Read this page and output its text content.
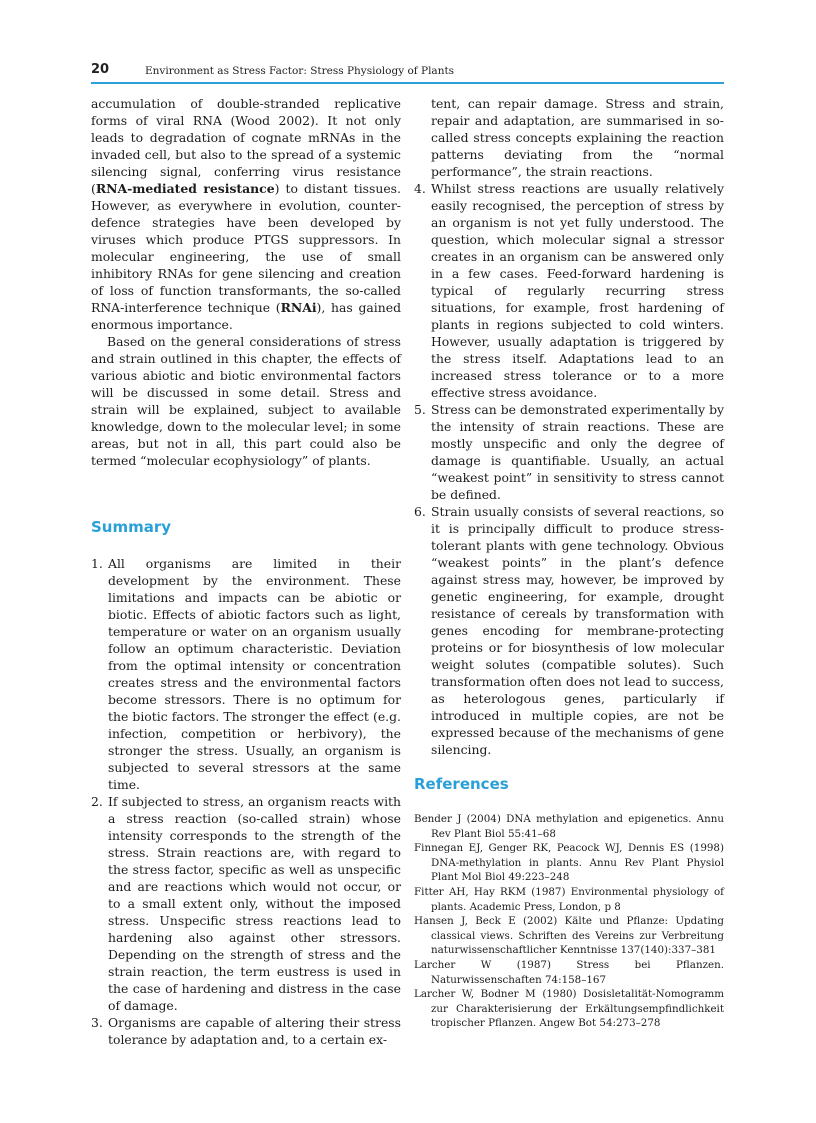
20	Environment as Stress Factor: Stress Physiology of Plants

accumulation of double-stranded replicative forms of viral RNA (Wood 2002). It not only leads to degradation of cognate mRNAs in the invaded cell, but also to the spread of a systemic silencing signal, conferring virus resistance (RNA-mediated resistance) to distant tissues. However, as everywhere in evolution, counter-defence strategies have been developed by viruses which produce PTGS suppressors. In molecular engineering, the use of small inhibitory RNAs for gene silencing and creation of loss of function transformants, the so-called RNA-interference technique (RNAi), has gained enormous importance.

Based on the general considerations of stress and strain outlined in this chapter, the effects of various abiotic and biotic environmental factors will be discussed in some detail. Stress and strain will be explained, subject to available knowledge, down to the molecular level; in some areas, but not in all, this part could also be termed “molecular ecophysiology” of plants.

Summary
1. All organisms are limited in their development by the environment. These limitations and impacts can be abiotic or biotic. Effects of abiotic factors such as light, temperature or water on an organism usually follow an optimum characteristic. Deviation from the optimal intensity or concentration creates stress and the environmental factors become stressors. There is no optimum for the biotic factors. The stronger the effect (e.g. infection, competition or herbivory), the stronger the stress. Usually, an organism is subjected to several stressors at the same time.
2. If subjected to stress, an organism reacts with a stress reaction (so-called strain) whose intensity corresponds to the strength of the stress. Strain reactions are, with regard to the stress factor, specific as well as unspecific and are reactions which would not occur, or to a small extent only, without the imposed stress. Unspecific stress reactions lead to hardening also against other stressors. Depending on the strength of stress and the strain reaction, the term eustress is used in the case of hardening and distress in the case of damage.
3. Organisms are capable of altering their stress tolerance by adaptation and, to a certain ex-
tent, can repair damage. Stress and strain, repair and adaptation, are summarised in so-called stress concepts explaining the reaction patterns deviating from the “normal performance”, the strain reactions.
4. Whilst stress reactions are usually relatively easily recognised, the perception of stress by an organism is not yet fully understood. The question, which molecular signal a stressor creates in an organism can be answered only in a few cases. Feed-forward hardening is typical of regularly recurring stress situations, for example, frost hardening of plants in regions subjected to cold winters. However, usually adaptation is triggered by the stress itself. Adaptations lead to an increased stress tolerance or to a more effective stress avoidance.
5. Stress can be demonstrated experimentally by the intensity of strain reactions. These are mostly unspecific and only the degree of damage is quantifiable. Usually, an actual “weakest point” in sensitivity to stress cannot be defined.
6. Strain usually consists of several reactions, so it is principally difficult to produce stress-tolerant plants with gene technology. Obvious “weakest points” in the plant’s defence against stress may, however, be improved by genetic engineering, for example, drought resistance of cereals by transformation with genes encoding for membrane-protecting proteins or for biosynthesis of low molecular weight solutes (compatible solutes). Such transformation often does not lead to success, as heterologous genes, particularly if introduced in multiple copies, are not be expressed because of the mechanisms of gene silencing.
References

Bender J (2004) DNA methylation and epigenetics. Annu Rev Plant Biol 55:41–68

Finnegan EJ, Genger RK, Peacock WJ, Dennis ES (1998) DNA-methylation in plants. Annu Rev Plant Physiol Plant Mol Biol 49:223–248

Fitter AH, Hay RKM (1987) Environmental physiology of plants. Academic Press, London, p 8

Hansen J, Beck E (2002) Kälte und Pflanze: Updating classical views. Schriften des Vereins zur Verbreitung naturwissenschaftlicher Kenntnisse 137(140):337–381

Larcher W (1987) Stress bei Pflanzen. Naturwissenschaften 74:158–167

Larcher W, Bodner M (1980) Dosisletalität-Nomogramm zur Charakterisierung der Erkältungsempfindlichkeit tropischer Pflanzen. Angew Bot 54:273–278
